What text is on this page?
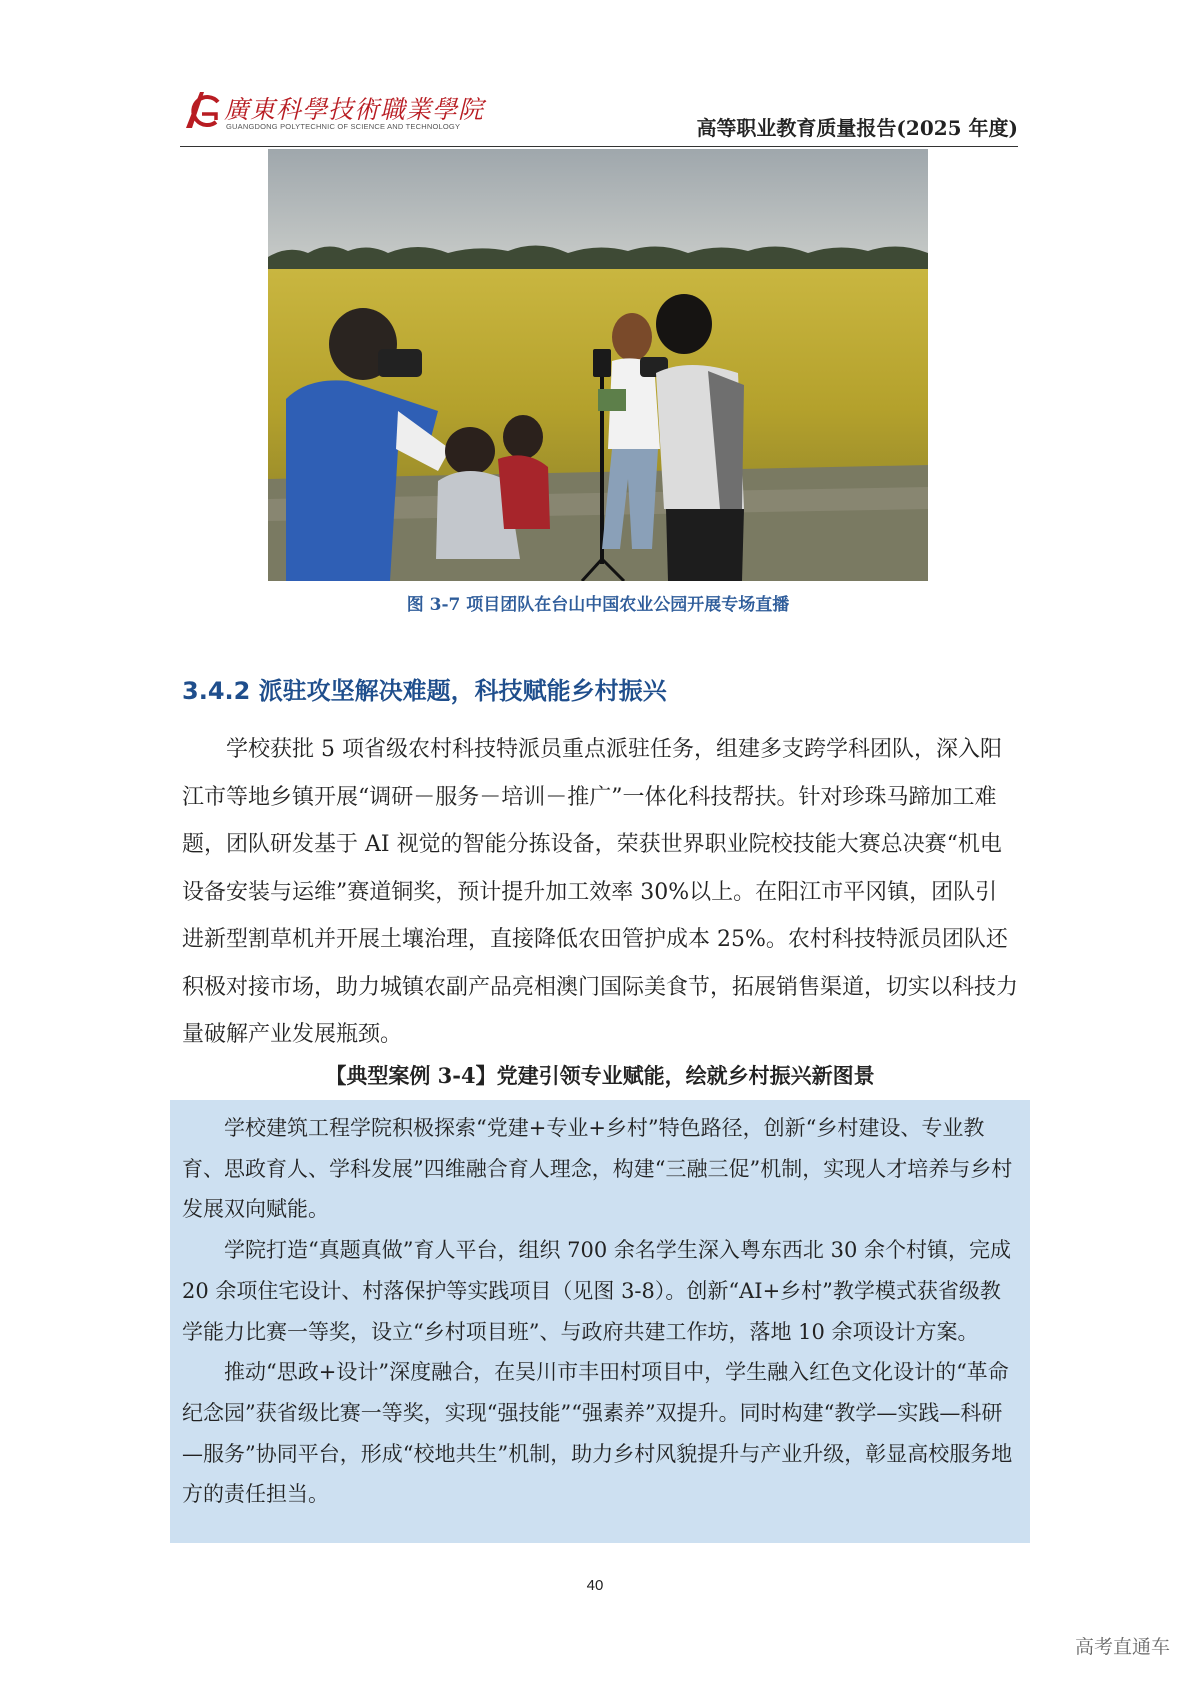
廣東科學技術職業學院
GUANGDONG POLYTECHNIC OF SCIENCE AND TECHNOLOGY	高等职业教育质量报告(2025 年度)
图 3-7 项目团队在台山中国农业公园开展专场直播
3.4.2 派驻攻坚解决难题，科技赋能乡村振兴

学校获批 5 项省级农村科技特派员重点派驻任务，组建多支跨学科团队，深入阳江市等地乡镇开展“调研－服务－培训－推广”一体化科技帮扶。针对珍珠马蹄加工难题，团队研发基于 AI 视觉的智能分拣设备，荣获世界职业院校技能大赛总决赛“机电设备安装与运维”赛道铜奖，预计提升加工效率 30%以上。在阳江市平冈镇，团队引进新型割草机并开展土壤治理，直接降低农田管护成本 25%。农村科技特派员团队还积极对接市场，助力城镇农副产品亮相澳门国际美食节，拓展销售渠道，切实以科技力量破解产业发展瓶颈。

【典型案例 3-4】党建引领专业赋能，绘就乡村振兴新图景

学校建筑工程学院积极探索“党建+专业+乡村”特色路径，创新“乡村建设、专业教育、思政育人、学科发展”四维融合育人理念，构建“三融三促”机制，实现人才培养与乡村发展双向赋能。

学院打造“真题真做”育人平台，组织 700 余名学生深入粤东西北 30 余个村镇，完成 20 余项住宅设计、村落保护等实践项目（见图 3-8）。创新“AI+乡村”教学模式获省级教学能力比赛一等奖，设立“乡村项目班”、与政府共建工作坊，落地 10 余项设计方案。

推动“思政+设计”深度融合，在吴川市丰田村项目中，学生融入红色文化设计的“革命纪念园”获省级比赛一等奖，实现“强技能”“强素养”双提升。同时构建“教学—实践—科研—服务”协同平台，形成“校地共生”机制，助力乡村风貌提升与产业升级，彰显高校服务地方的责任担当。

40
高考直通车
